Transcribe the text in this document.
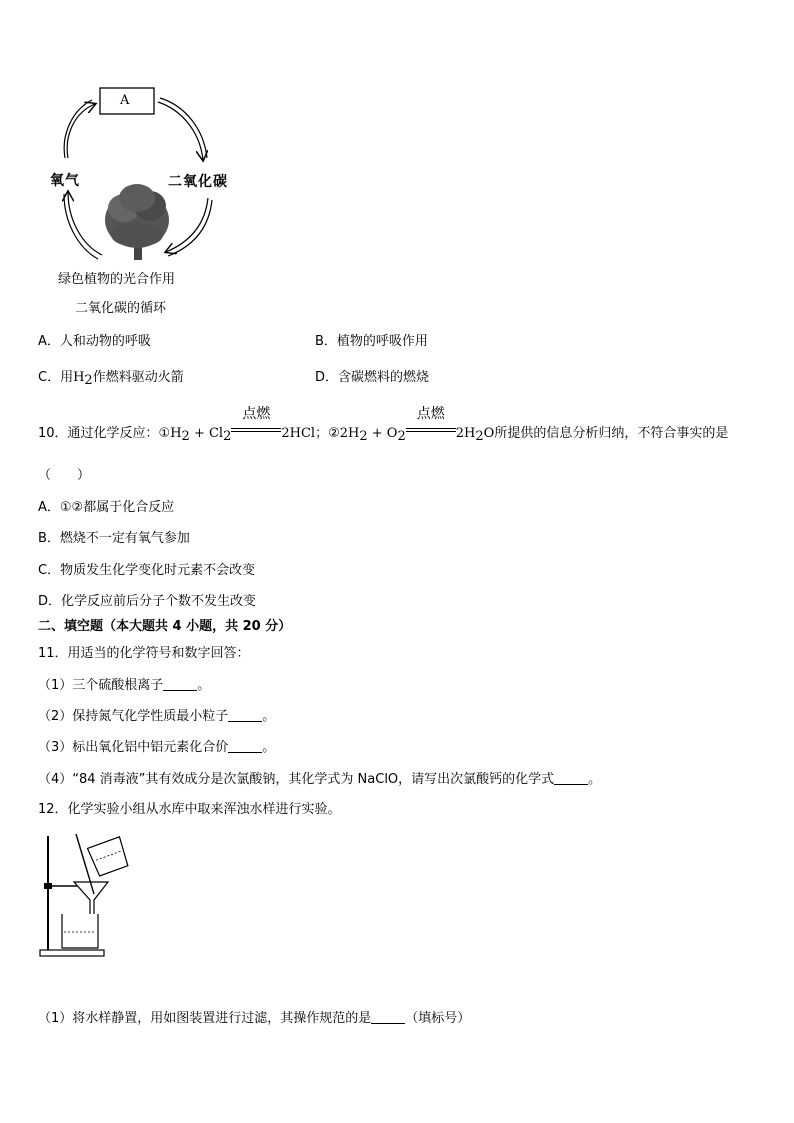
A
氧气	二氧化碳
绿色植物的光合作用
二氧化碳的循环
A．人和动物的呼吸	B．植物的呼吸作用
C．用H2作燃料驱动火箭	D．含碳燃料的燃烧
10．通过化学反应：①H2 + Cl2
点燃
2HCl；②2H2 + O2
点燃
2H2O所提供的信息分析归纳，不符合事实的是
（　　）
A．①②都属于化合反应
B．燃烧不一定有氧气参加
C．物质发生化学变化时元素不会改变
D．化学反应前后分子个数不发生改变
二、填空题（本大题共 4 小题，共 20 分）
11．用适当的化学符号和数字回答：
（1）三个硫酸根离子	。
（2）保持氮气化学性质最小粒子	。
（3）标出氧化铝中铝元素化合价	。
（4）“84 消毒液”其有效成分是次氯酸钠，其化学式为 NaClO，请写出次氯酸钙的化学式	。
12．化学实验小组从水库中取来浑浊水样进行实验。
（1）将水样静置，用如图装置进行过滤，其操作规范的是	（填标号）
